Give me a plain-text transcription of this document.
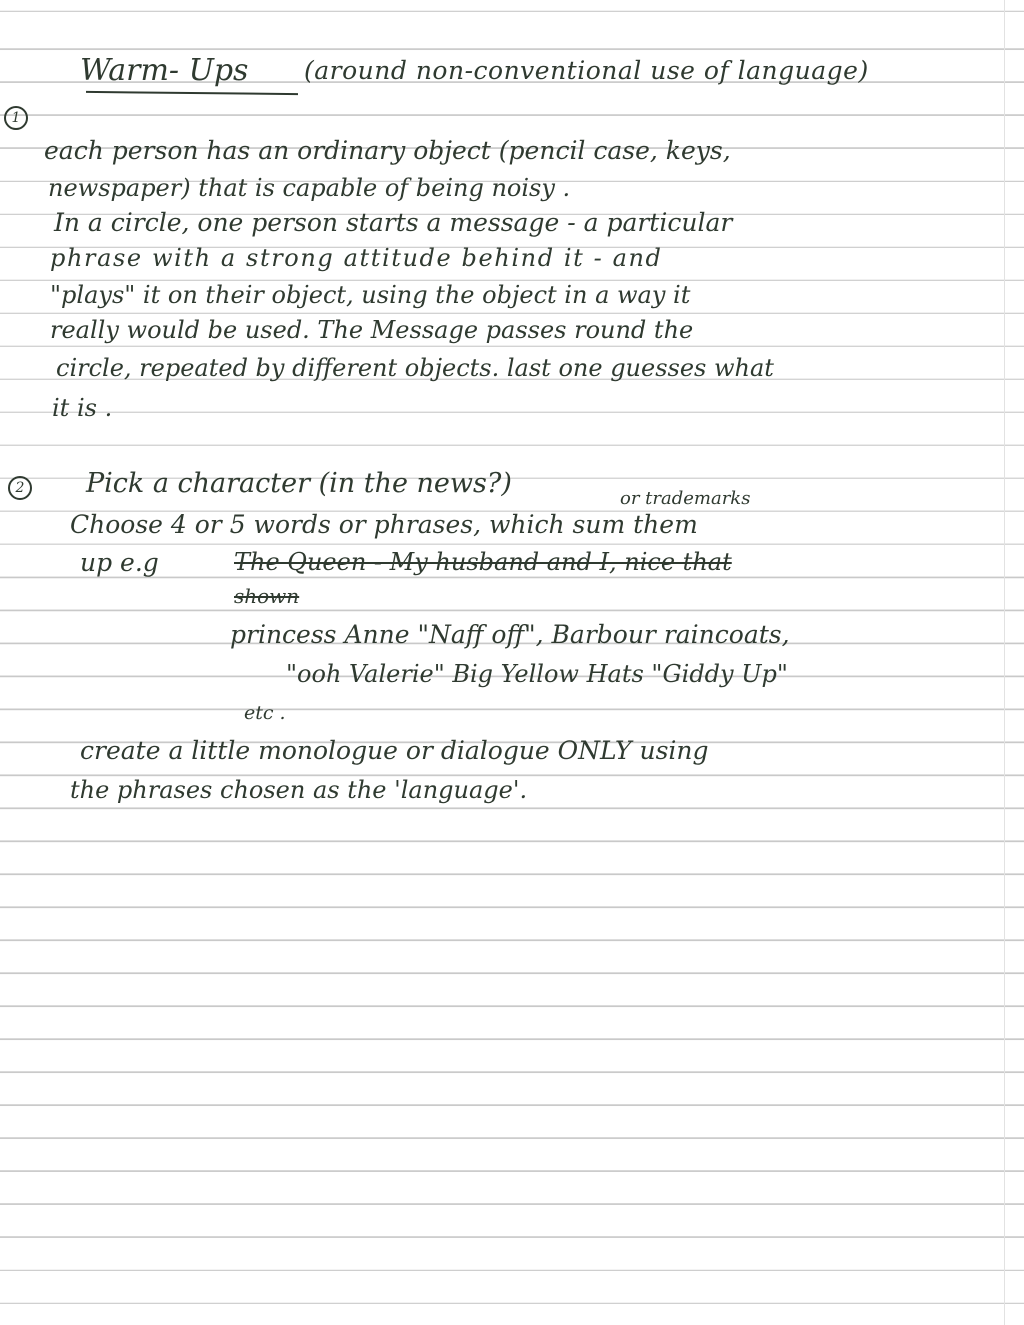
Warm- Ups (around non-conventional use of language)
1
each person has an ordinary object (pencil case, keys,
newspaper) that is capable of being noisy .
In a circle, one person starts a message - a particular
phrase with a strong attitude behind it - and
"plays" it on their object, using the object in a way it
really would be used. The Message passes round the
circle, repeated by different objects. last one guesses what
it is .
2 Pick a character (in the news?)	or trademarks
Choose 4 or 5 words or phrases, which sum them
up e.g	The Queen - My husband and I, nice that
shown
princess Anne "Naff off", Barbour raincoats,
"ooh Valerie" Big Yellow Hats "Giddy Up"
etc .
create a little monologue or dialogue ONLY using
the phrases chosen as the 'language'.
